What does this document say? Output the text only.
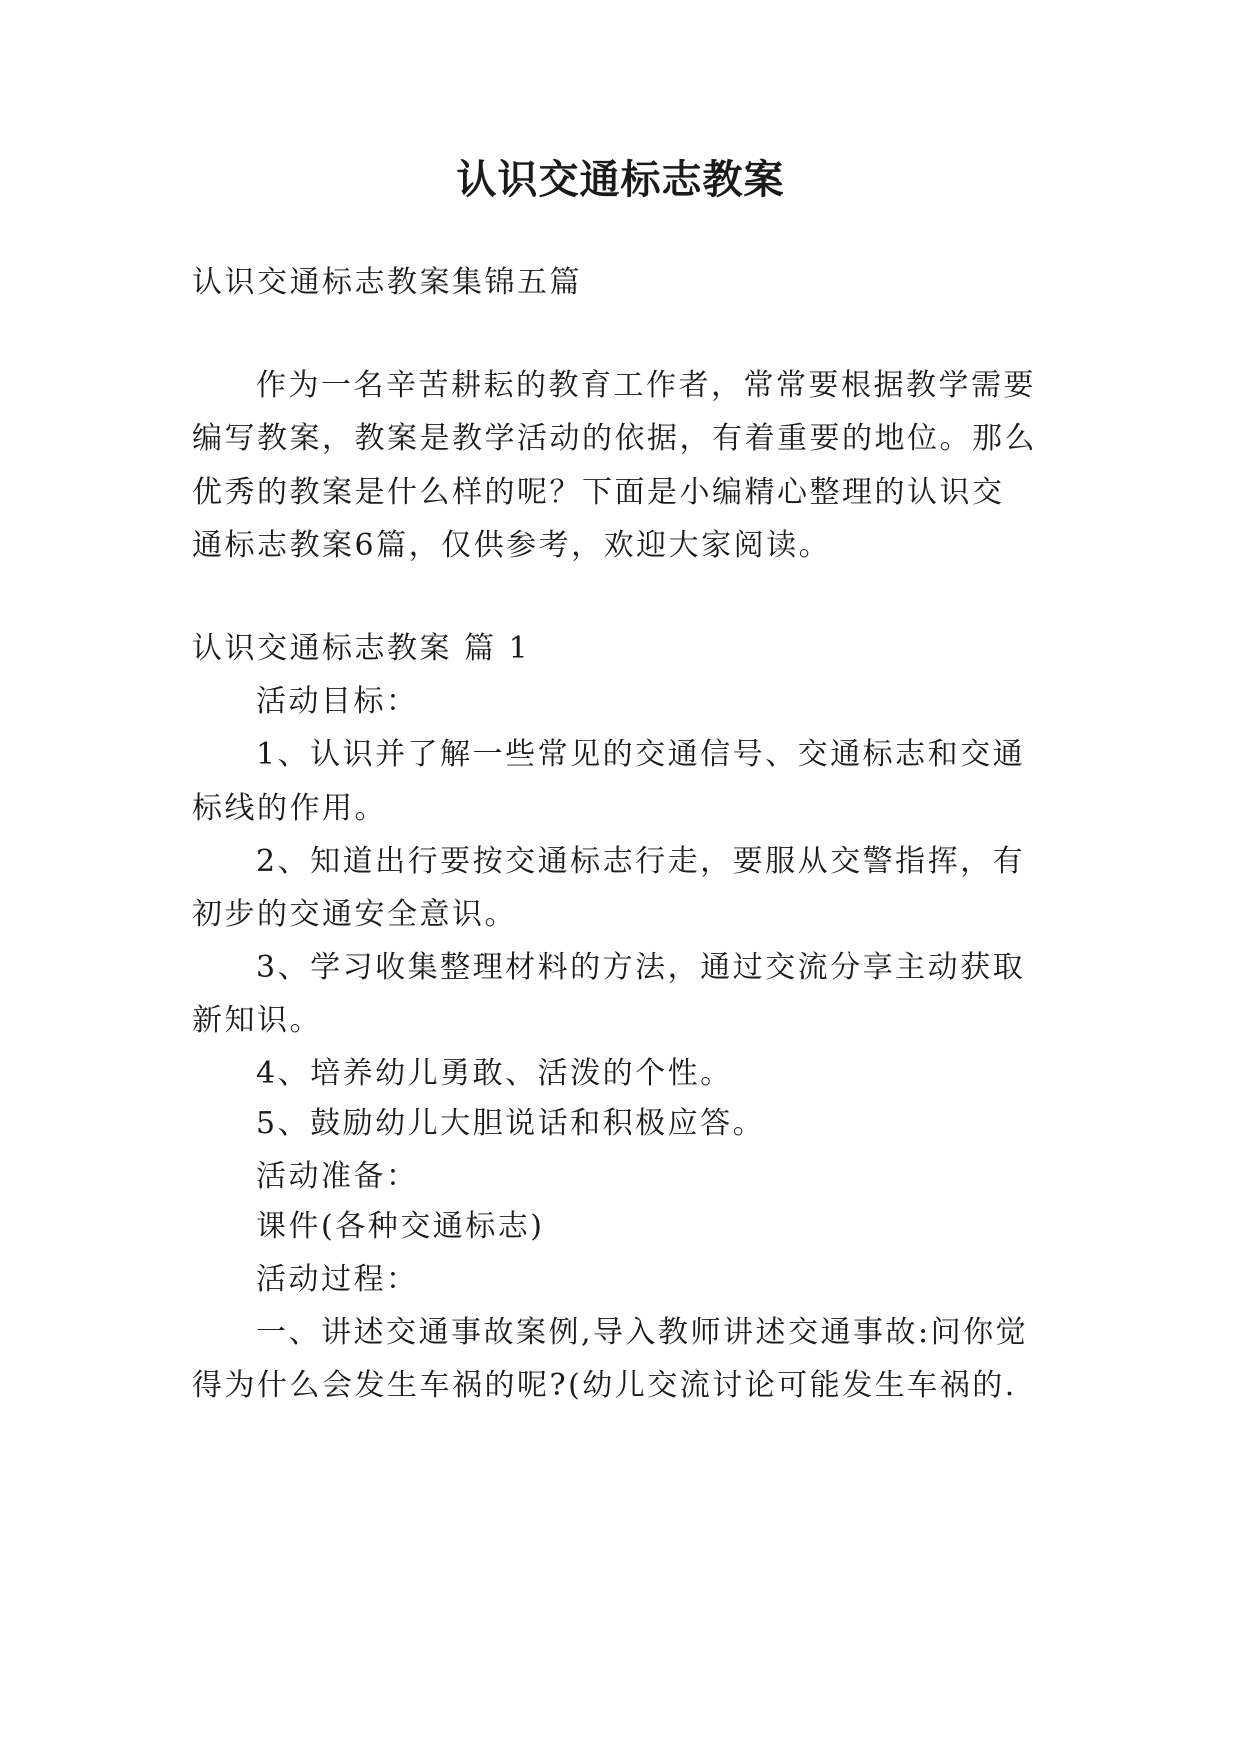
认识交通标志教案
认识交通标志教案集锦五篇
作为一名辛苦耕耘的教育工作者，常常要根据教学需要
编写教案，教案是教学活动的依据，有着重要的地位。那么
优秀的教案是什么样的呢？下面是小编精心整理的认识交
通标志教案6篇，仅供参考，欢迎大家阅读。
认识交通标志教案 篇 1
活动目标：
1、认识并了解一些常见的交通信号、交通标志和交通
标线的作用。
2、知道出行要按交通标志行走，要服从交警指挥，有
初步的交通安全意识。
3、学习收集整理材料的方法，通过交流分享主动获取
新知识。
4、培养幼儿勇敢、活泼的个性。
5、鼓励幼儿大胆说话和积极应答。
活动准备：
课件(各种交通标志)
活动过程：
一、讲述交通事故案例,导入教师讲述交通事故:问你觉
得为什么会发生车祸的呢?(幼儿交流讨论可能发生车祸的.
